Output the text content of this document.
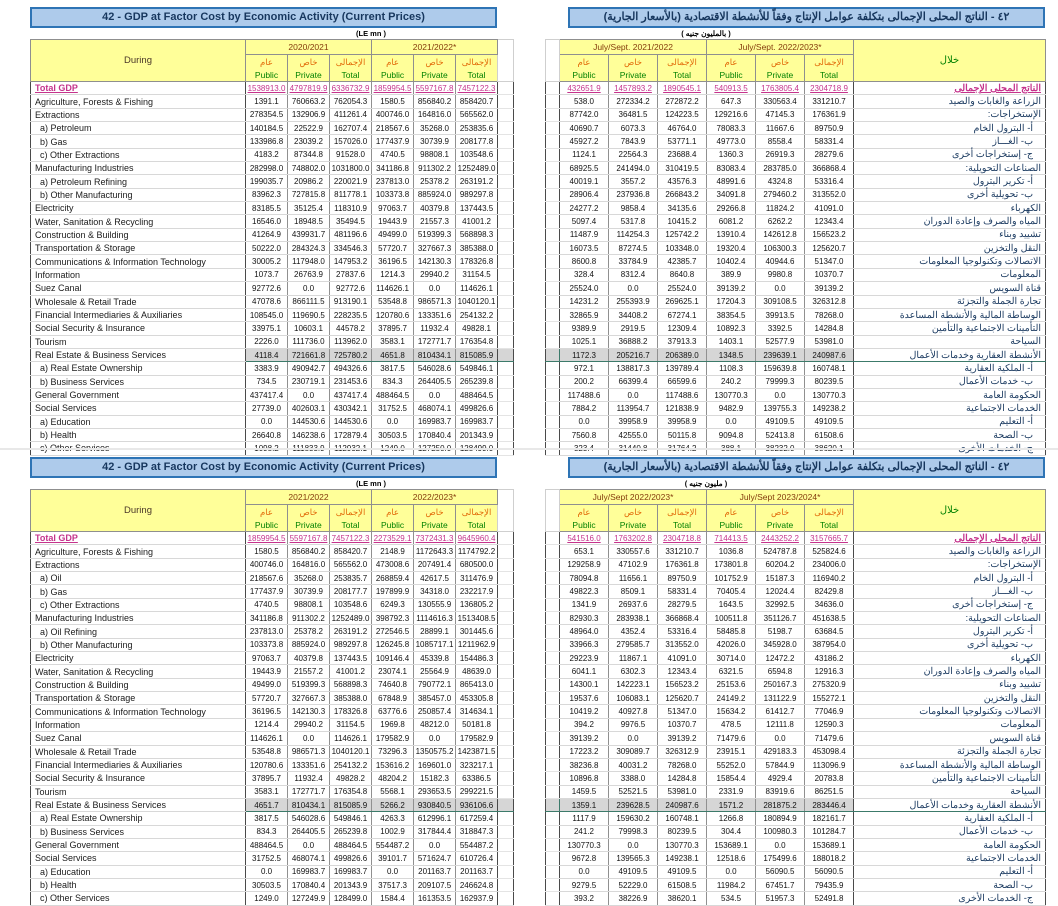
42 - GDP at Factor Cost by Economic Activity (Current Prices)
(LE mn )
During	2020/2021			2021/2022*			

عام
Public

خاص
Private

الإجمالى
Total

عام
Public

خاص
Private

الإجمالى
Total

Total GDP	1538913.0	4797819.9	6336732.9	1859954.5	5597167.8	7457122.3	
Agriculture, Forests & Fishing	1391.1	760663.2	762054.3	1580.5	856840.2	858420.7	
Extractions	278354.5	132906.9	411261.4	400746.0	164816.0	565562.0	
a) Petroleum	140184.5	22522.9	162707.4	218567.6	35268.0	253835.6	
b) Gas	133986.8	23039.2	157026.0	177437.9	30739.9	208177.8	
c) Other Extractions	4183.2	87344.8	91528.0	4740.5	98808.1	103548.6	
Manufacturing Industries	282998.0	748802.0	1031800.0	341186.8	911302.2	1252489.0	
a) Petroleum Refining	199035.7	20986.2	220021.9	237813.0	25378.2	263191.2	
b) Other Manufacturing	83962.3	727815.8	811778.1	103373.8	885924.0	989297.8	
Electricity	83185.5	35125.4	118310.9	97063.7	40379.8	137443.5	
Water, Sanitation & Recycling	16546.0	18948.5	35494.5	19443.9	21557.3	41001.2	
Construction & Building	41264.9	439931.7	481196.6	49499.0	519399.3	568898.3	
Transportation & Storage	50222.0	284324.3	334546.3	57720.7	327667.3	385388.0	
Communications & Information Technology	30005.2	117948.0	147953.2	36196.5	142130.3	178326.8	
Information	1073.7	26763.9	27837.6	1214.3	29940.2	31154.5	
Suez Canal	92772.6	0.0	92772.6	114626.1	0.0	114626.1	
Wholesale & Retail Trade	47078.6	866111.5	913190.1	53548.8	986571.3	1040120.1	
Financial Intermediaries & Auxiliaries	108545.0	119690.5	228235.5	120780.6	133351.6	254132.2	
Social Security & Insurance	33975.1	10603.1	44578.2	37895.7	11932.4	49828.1	
Tourism	2226.0	111736.0	113962.0	3583.1	172771.7	176354.8	
Real Estate & Business Services	4118.4	721661.8	725780.2	4651.8	810434.1	815085.9	
a) Real Estate Ownership	3383.9	490942.7	494326.6	3817.5	546028.6	549846.1	
b) Business Services	734.5	230719.1	231453.6	834.3	264405.5	265239.8	
General Government	437417.4	0.0	437417.4	488464.5	0.0	488464.5	
Social Services	27739.0	402603.1	430342.1	31752.5	468074.1	499826.6	
a) Education	0.0	144530.6	144530.6	0.0	169983.7	169983.7	
b) Health	26640.8	146238.6	172879.4	30503.5	170840.4	201343.9	
c) Other Services	1098.2	111833.9	112932.1	1249.0	127250.0	128499.0	
٤٢ - الناتج المحلى الإجمالى بتكلفة عوامل الإنتاج وفقاً للأنشطة الاقتصادية (بالأسعار الجارية)
( بالمليون جنيه )
	July/Sept. 2021/2022			July/Sept. 2022/2023*			خلال

عام
Public

خاص
Private

الإجمالى
Total

عام
Public

خاص
Private

الإجمالى
Total

	432651.9	1457893.2	1890545.1	540913.5	1763805.4	2304718.9	الناتج المحلى الإجمالى
	538.0	272334.2	272872.2	647.3	330563.4	331210.7	الزراعة والغابات والصيد
	87742.0	36481.5	124223.5	129216.6	47145.3	176361.9	الإستخراجات:
	40690.7	6073.3	46764.0	78083.3	11667.6	89750.9	أ- البترول الخام
	45927.2	7843.9	53771.1	49773.0	8558.4	58331.4	ب- الغـــاز
	1124.1	22564.3	23688.4	1360.3	26919.3	28279.6	ج- إستخراجات أخرى
	68925.5	241494.0	310419.5	83083.4	283785.0	366868.4	الصناعات التحويلية:
	40019.1	3557.2	43576.3	48991.6	4324.8	53316.4	أ- تكرير البترول
	28906.4	237936.8	266843.2	34091.8	279460.2	313552.0	ب- تحويلية أخرى
	24277.2	9858.4	34135.6	29266.8	11824.2	41091.0	الكهرباء
	5097.4	5317.8	10415.2	6081.2	6262.2	12343.4	المياه والصرف وإعادة الدوران
	11487.9	114254.3	125742.2	13910.4	142612.8	156523.2	تشييد وبناء
	16073.5	87274.5	103348.0	19320.4	106300.3	125620.7	النقل والتخزين
	8600.8	33784.9	42385.7	10402.4	40944.6	51347.0	الاتصالات وتكنولوجيا المعلومات
	328.4	8312.4	8640.8	389.9	9980.8	10370.7	المعلومات
	25524.0	0.0	25524.0	39139.2	0.0	39139.2	قناة السويس
	14231.2	255393.9	269625.1	17204.3	309108.5	326312.8	تجارة الجملة والتجزئة
	32865.9	34408.2	67274.1	38354.5	39913.5	78268.0	الوساطة المالية والأنشطة المساعدة
	9389.9	2919.5	12309.4	10892.3	3392.5	14284.8	التأمينات الاجتماعية والتأمين
	1025.1	36888.2	37913.3	1403.1	52577.9	53981.0	السياحة
	1172.3	205216.7	206389.0	1348.5	239639.1	240987.6	الأنشطة العقارية وخدمات الأعمال
	972.1	138817.3	139789.4	1108.3	159639.8	160748.1	أ- الملكية العقارية
	200.2	66399.4	66599.6	240.2	79999.3	80239.5	ب- خدمات الأعمال
	117488.6	0.0	117488.6	130770.3	0.0	130770.3	الحكومة العامة
	7884.2	113954.7	121838.9	9482.9	139755.3	149238.2	الخدمات الاجتماعية
	0.0	39958.9	39958.9	0.0	49109.5	49109.5	أ- التعليم
	7560.8	42555.0	50115.8	9094.8	52413.8	61508.6	ب- الصحة
	323.4	31440.8	31764.2	388.1	38232.0	38620.1	ج- الخدمات الأخرى
42 - GDP at Factor Cost by Economic Activity (Current Prices)
(LE mn )
During	2021/2022			2022/2023*			

عام
Public

خاص
Private

الإجمالى
Total

عام
Public

خاص
Private

الإجمالى
Total

Total GDP	1859954.5	5597167.8	7457122.3	2273529.1	7372431.3	9645960.4	
Agriculture, Forests & Fishing	1580.5	856840.2	858420.7	2148.9	1172643.3	1174792.2	
Extractions	400746.0	164816.0	565562.0	473008.6	207491.4	680500.0	
a) Oil	218567.6	35268.0	253835.7	268859.4	42617.5	311476.9	
b) Gas	177437.9	30739.9	208177.7	197899.9	34318.0	232217.9	
c) Other Extractions	4740.5	98808.1	103548.6	6249.3	130555.9	136805.2	
Manufacturing Industries	341186.8	911302.2	1252489.0	398792.3	1114616.3	1513408.5	
a) Oil Refining	237813.0	25378.2	263191.2	272546.5	28899.1	301445.6	
b) Other Manufacturing	103373.8	885924.0	989297.8	126245.8	1085717.1	1211962.9	
Electricity	97063.7	40379.8	137443.5	109146.4	45339.8	154486.3	
Water, Sanitation & Recycling	19443.9	21557.2	41001.2	23074.1	25564.9	48639.0	
Construction & Building	49499.0	519399.3	568898.3	74640.8	790772.1	865413.0	
Transportation & Storage	57720.7	327667.3	385388.0	67848.9	385457.0	453305.8	
Communications & Information Technology	36196.5	142130.3	178326.8	63776.6	250857.4	314634.1	
Information	1214.4	29940.2	31154.5	1969.8	48212.0	50181.8	
Suez Canal	114626.1	0.0	114626.1	179582.9	0.0	179582.9	
Wholesale & Retail Trade	53548.8	986571.3	1040120.1	73296.3	1350575.2	1423871.5	
Financial Intermediaries & Auxiliaries	120780.6	133351.6	254132.2	153616.2	169601.0	323217.1	
Social Security & Insurance	37895.7	11932.4	49828.2	48204.2	15182.3	63386.5	
Tourism	3583.1	172771.7	176354.8	5568.1	293653.5	299221.5	
Real Estate & Business Services	4651.7	810434.1	815085.9	5266.2	930840.5	936106.6	
a) Real Estate Ownership	3817.5	546028.6	549846.1	4263.3	612996.1	617259.4	
b) Business Services	834.3	264405.5	265239.8	1002.9	317844.4	318847.3	
General Government	488464.5	0.0	488464.5	554487.2	0.0	554487.2	
Social Services	31752.5	468074.1	499826.6	39101.7	571624.7	610726.4	
a) Education	0.0	169983.7	169983.7	0.0	201163.7	201163.7	
b) Health	30503.5	170840.4	201343.9	37517.3	209107.5	246624.8	
c) Other Services	1249.0	127249.9	128499.0	1584.4	161353.5	162937.9	
٤٢ - الناتج المحلى الإجمالى بتكلفة عوامل الإنتاج وفقاً للأنشطة الاقتصادية (بالأسعار الجارية)
( مليون جنيه )
	July/Sept 2022/2023*			July/Sept 2023/2024*			خلال

عام
Public

خاص
Private

الإجمالى
Total

عام
Public

خاص
Private

الإجمالى
Total

	541516.0	1763202.8	2304718.8	714413.5	2443252.2	3157665.7	الناتج المحلى الإجمالى
	653.1	330557.6	331210.7	1036.8	524787.8	525824.6	الزراعة والغابات والصيد
	129258.9	47102.9	176361.8	173801.8	60204.2	234006.0	الإستخراجات:
	78094.8	11656.1	89750.9	101752.9	15187.3	116940.2	أ- البترول الخام
	49822.3	8509.1	58331.4	70405.4	12024.4	82429.8	ب- الغـــاز
	1341.9	26937.6	28279.5	1643.5	32992.5	34636.0	ج- إستخراجات أخرى
	82930.3	283938.1	366868.4	100511.8	351126.7	451638.5	الصناعات التحويلية:
	48964.0	4352.4	53316.4	58485.8	5198.7	63684.5	أ- تكرير البترول
	33966.3	279585.7	313552.0	42026.0	345928.0	387954.0	ب- تحويلية أخرى
	29223.9	11867.1	41091.0	30714.0	12472.2	43186.2	الكهرباء
	6041.1	6302.3	12343.4	6321.5	6594.8	12916.3	المياه والصرف وإعادة الدوران
	14300.1	142223.1	156523.2	25153.6	250167.3	275320.9	تشييد وبناء
	19537.6	106083.1	125620.7	24149.2	131122.9	155272.1	النقل والتخزين
	10419.2	40927.8	51347.0	15634.2	61412.7	77046.9	الاتصالات وتكنولوجيا المعلومات
	394.2	9976.5	10370.7	478.5	12111.8	12590.3	المعلومات
	39139.2	0.0	39139.2	71479.6	0.0	71479.6	قناة السويس
	17223.2	309089.7	326312.9	23915.1	429183.3	453098.4	تجارة الجملة والتجزئة
	38236.8	40031.2	78268.0	55252.0	57844.9	113096.9	الوساطة المالية والأنشطة المساعدة
	10896.8	3388.0	14284.8	15854.4	4929.4	20783.8	التأمينات الاجتماعية والتأمين
	1459.5	52521.5	53981.0	2331.9	83919.6	86251.5	السياحة
	1359.1	239628.5	240987.6	1571.2	281875.2	283446.4	الأنشطة العقارية وخدمات الأعمال
	1117.9	159630.2	160748.1	1266.8	180894.9	182161.7	أ- الملكية العقارية
	241.2	79998.3	80239.5	304.4	100980.3	101284.7	ب- خدمات الأعمال
	130770.3	0.0	130770.3	153689.1	0.0	153689.1	الحكومة العامة
	9672.8	139565.3	149238.1	12518.6	175499.6	188018.2	الخدمات الاجتماعية
	0.0	49109.5	49109.5	0.0	56090.5	56090.5	أ- التعليم
	9279.5	52229.0	61508.5	11984.2	67451.7	79435.9	ب- الصحة
	393.2	38226.9	38620.1	534.5	51957.3	52491.8	ج- الخدمات الأخرى
